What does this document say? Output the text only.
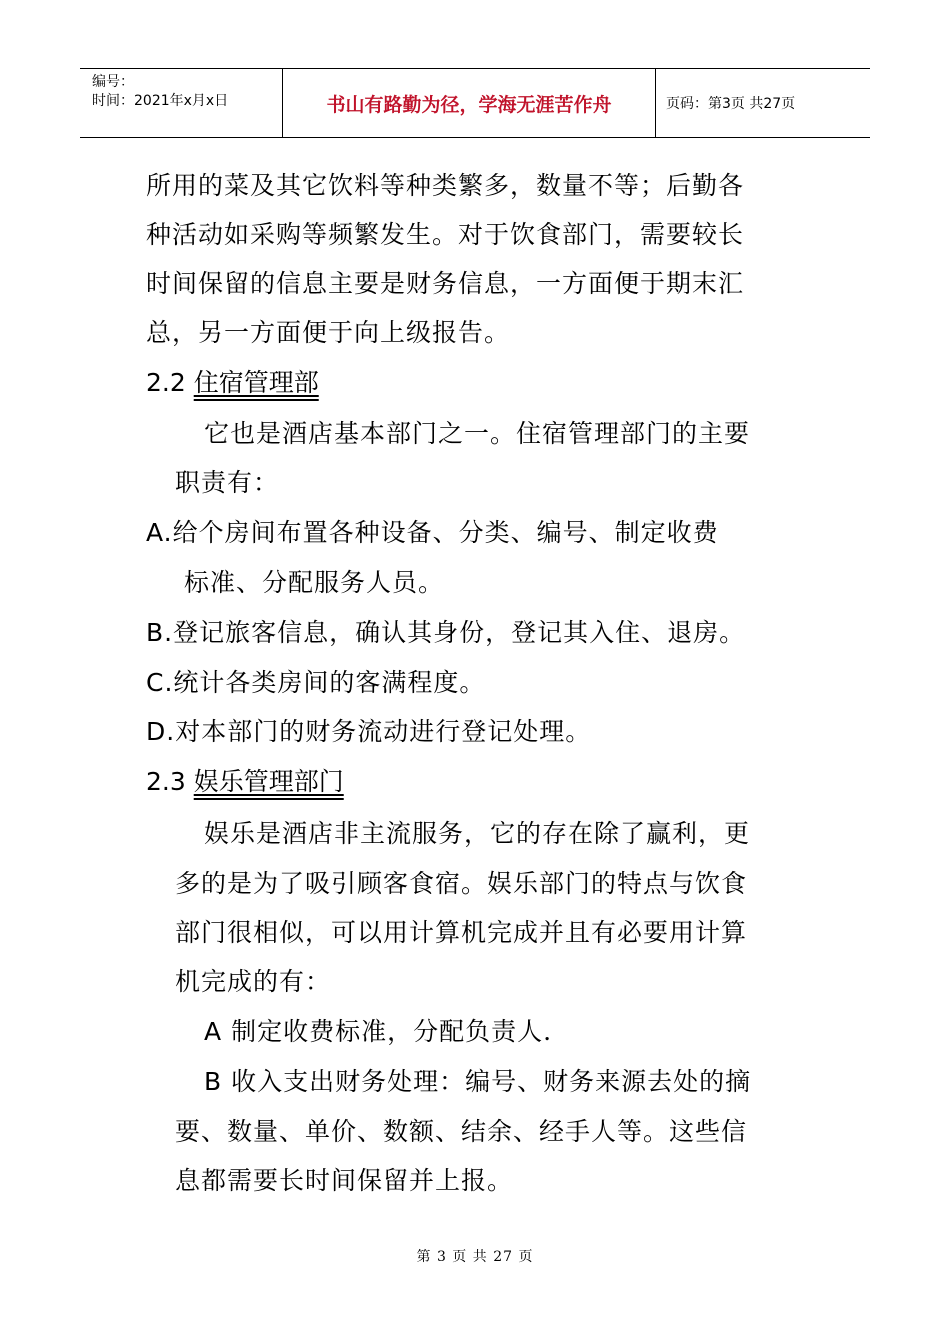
编号：
时间：2021年x月x日	书山有路勤为径，学海无涯苦作舟	页码：第3页 共27页
所用的菜及其它饮料等种类繁多，数量不等；后勤各
种活动如采购等频繁发生。对于饮食部门，需要较长
时间保留的信息主要是财务信息，一方面便于期末汇
总，另一方面便于向上级报告。
2.2 住宿管理部
它也是酒店基本部门之一。住宿管理部门的主要
职责有：
A.给个房间布置各种设备、分类、编号、制定收费
标准、分配服务人员。
B.登记旅客信息，确认其身份，登记其入住、退房。
C.统计各类房间的客满程度。
D.对本部门的财务流动进行登记处理。
2.3 娱乐管理部门
娱乐是酒店非主流服务，它的存在除了赢利，更
多的是为了吸引顾客食宿。娱乐部门的特点与饮食
部门很相似，可以用计算机完成并且有必要用计算
机完成的有：
A 制定收费标准，分配负责人.
B 收入支出财务处理：编号、财务来源去处的摘
要、数量、单价、数额、结余、经手人等。这些信
息都需要长时间保留并上报。
第 3 页 共 27 页
